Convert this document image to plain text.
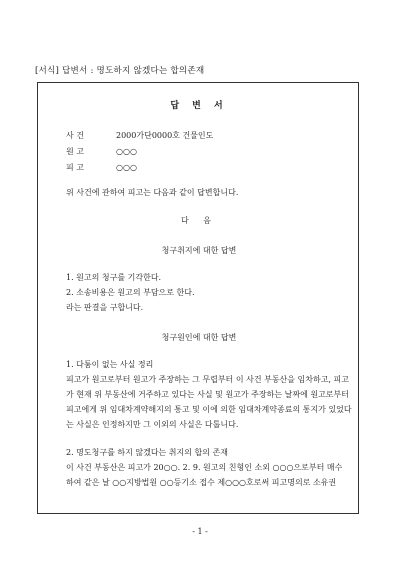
[서식] 답변서 : 명도하지 않겠다는 합의존재
답 변 서
사 건	2000가단0000호 건물인도
원 고	○○○
피 고	○○○
위 사건에 관하여 피고는 다음과 같이 답변합니다.
다 음
청구취지에 대한 답변
1. 원고의 청구를 기각한다.
2. 소송비용은 원고의 부담으로 한다.
라는 판결을 구합니다.
청구원인에 대한 답변
1. 다툼이 없는 사실 정리
피고가 원고로부터 원고가 주장하는 그 무렵부터 이 사건 부동산을 임차하고, 피고
가 현재 위 부동산에 거주하고 있다는 사실 및 원고가 주장하는 날짜에 원고로부터
피고에게 위 임대차계약해지의 통고 및 이에 의한 임대차계약종료의 통지가 있었다
는 사실은 인정하지만 그 이외의 사실은 다툽니다.
2. 명도청구를 하지 않겠다는 취지의 합의 존재
이 사건 부동산은 피고가 20○○. 2. 9. 원고의 친형인 소외 ○○○으로부터 매수
하여 같은 날 ○○지방법원 ○○등기소 접수 제○○○호로써 피고명의로 소유권
- 1 -
